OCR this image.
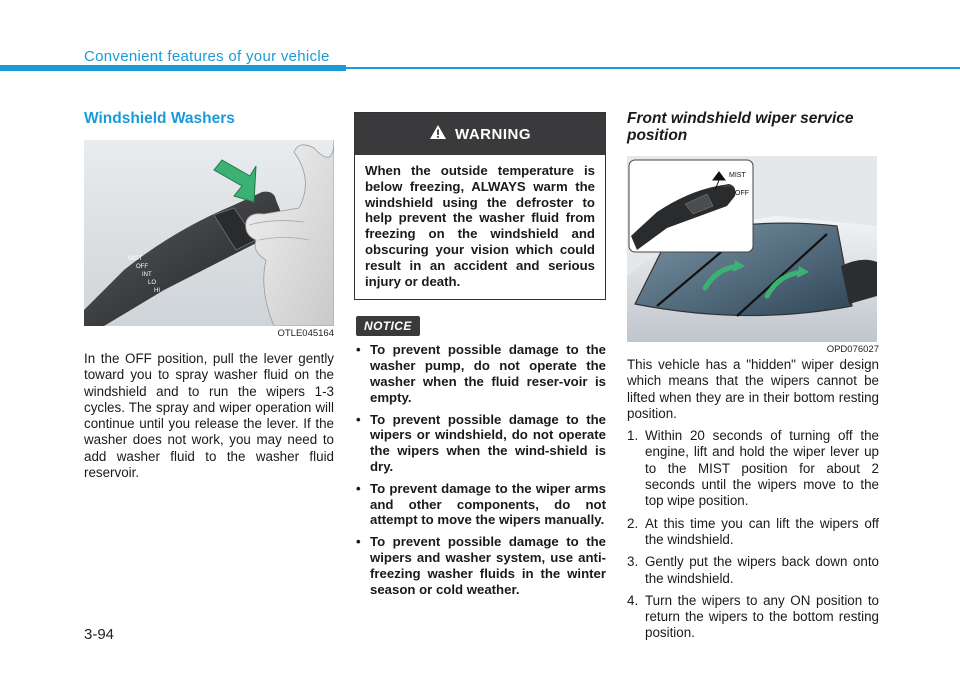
Convenient features of your vehicle
Windshield Washers
MIST
OFF
INT
LO
HI
OTLE045164

In the OFF position, pull the lever gently toward you to spray washer fluid on the windshield and to run the wipers 1-3 cycles. The spray and wiper operation will continue until you release the lever. If the washer does not work, you may need to add washer fluid to the washer fluid reservoir.

WARNING

When the outside temperature is below freezing, ALWAYS warm the windshield using the defroster to help prevent the washer fluid from freezing on the windshield and obscuring your vision which could result in an accident and serious injury or death.

NOTICE
• To prevent possible damage to the washer pump, do not operate the washer when the fluid reser-voir is empty.
• To prevent possible damage to the wipers or windshield, do not operate the wipers when the wind-shield is dry.
• To prevent damage to the wiper arms and other components, do not attempt to move the wipers manually.
• To prevent possible damage to the wipers and washer system, use anti-freezing washer fluids in the winter season or cold weather.
Front windshield wiper service position
MIST
OFF
OPD076027

This vehicle has a "hidden" wiper design which means that the wipers cannot be lifted when they are in their bottom resting position.

1. Within 20 seconds of turning off the engine, lift and hold the wiper lever up to the MIST position for about 2 seconds until the wipers move to the top wipe position.
2. At this time you can lift the wipers off the windshield.
3. Gently put the wipers back down onto the windshield.
4. Turn the wipers to any ON position to return the wipers to the bottom resting position.
3-94
